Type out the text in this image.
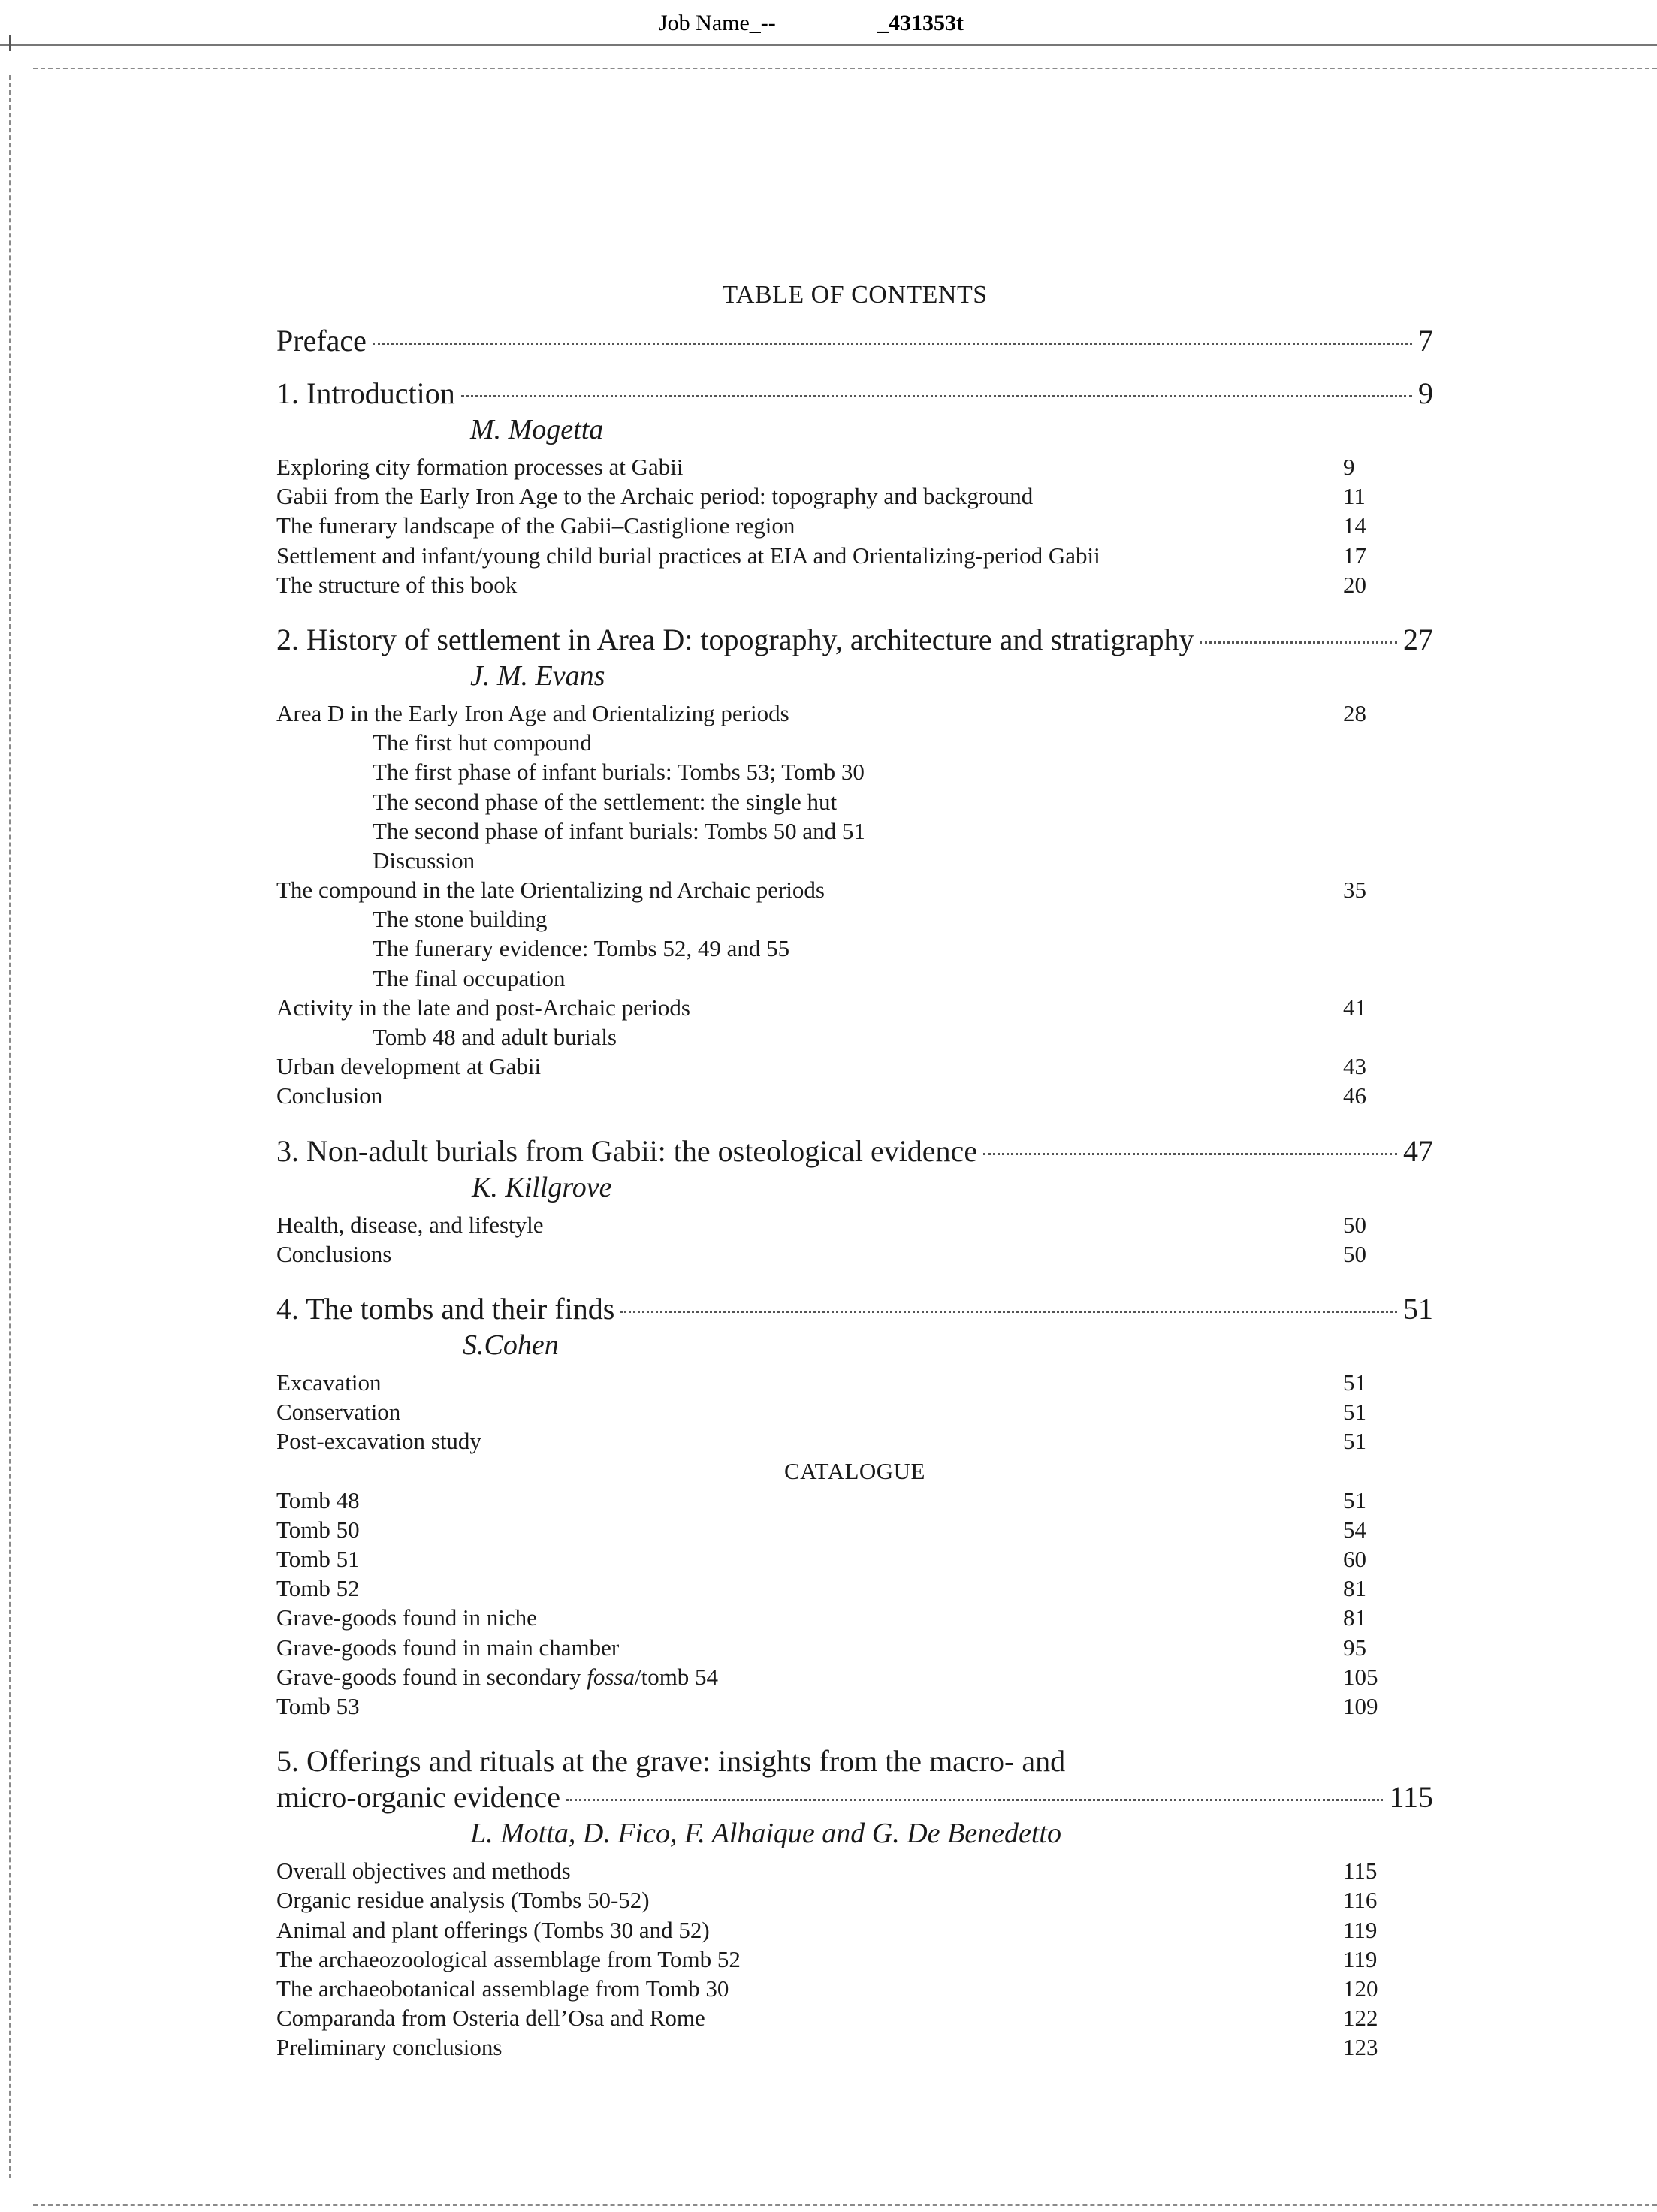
Job Name_--	_431353t
TABLE OF CONTENTS
Preface	7
1. Introduction	9
M. Mogetta
Exploring city formation processes at Gabii	9
Gabii from the Early Iron Age to the Archaic period: topography and background	11
The funerary landscape of the Gabii–Castiglione region	14
Settlement and infant/young child burial practices at EIA and Orientalizing-period Gabii	17
The structure of this book	20
2. History of settlement in Area D: topography, architecture and stratigraphy	27
J. M. Evans
Area D in the Early Iron Age and Orientalizing periods	28
The first hut compound
The first phase of infant burials: Tombs 53; Tomb 30
The second phase of the settlement: the single hut
The second phase of infant burials: Tombs 50 and 51
Discussion
The compound in the late Orientalizing nd Archaic periods	35
The stone building
The funerary evidence: Tombs 52, 49 and 55
The final occupation
Activity in the late and post-Archaic periods	41
Tomb 48 and adult burials
Urban development at Gabii	43
Conclusion	46
3. Non-adult burials from Gabii: the osteological evidence	47
K. Killgrove
Health, disease, and lifestyle	50
Conclusions	50
4. The tombs and their finds	51
S.Cohen
Excavation	51
Conservation	51
Post-excavation study	51
CATALOGUE
Tomb 48	51
Tomb 50	54
Tomb 51	60
Tomb 52	81
Grave-goods found in niche	81
Grave-goods found in main chamber	95
Grave-goods found in secondary fossa/tomb 54	105
Tomb 53	109
5. Offerings and rituals at the grave: insights from the macro- and
micro-organic evidence	115
L. Motta, D. Fico, F. Alhaique and G. De Benedetto
Overall objectives and methods	115
Organic residue analysis (Tombs 50-52)	116
Animal and plant offerings (Tombs 30 and 52)	119
The archaeozoological assemblage from Tomb 52	119
The archaeobotanical assemblage from Tomb 30	120
Comparanda from Osteria dell’Osa and Rome	122
Preliminary conclusions	123
